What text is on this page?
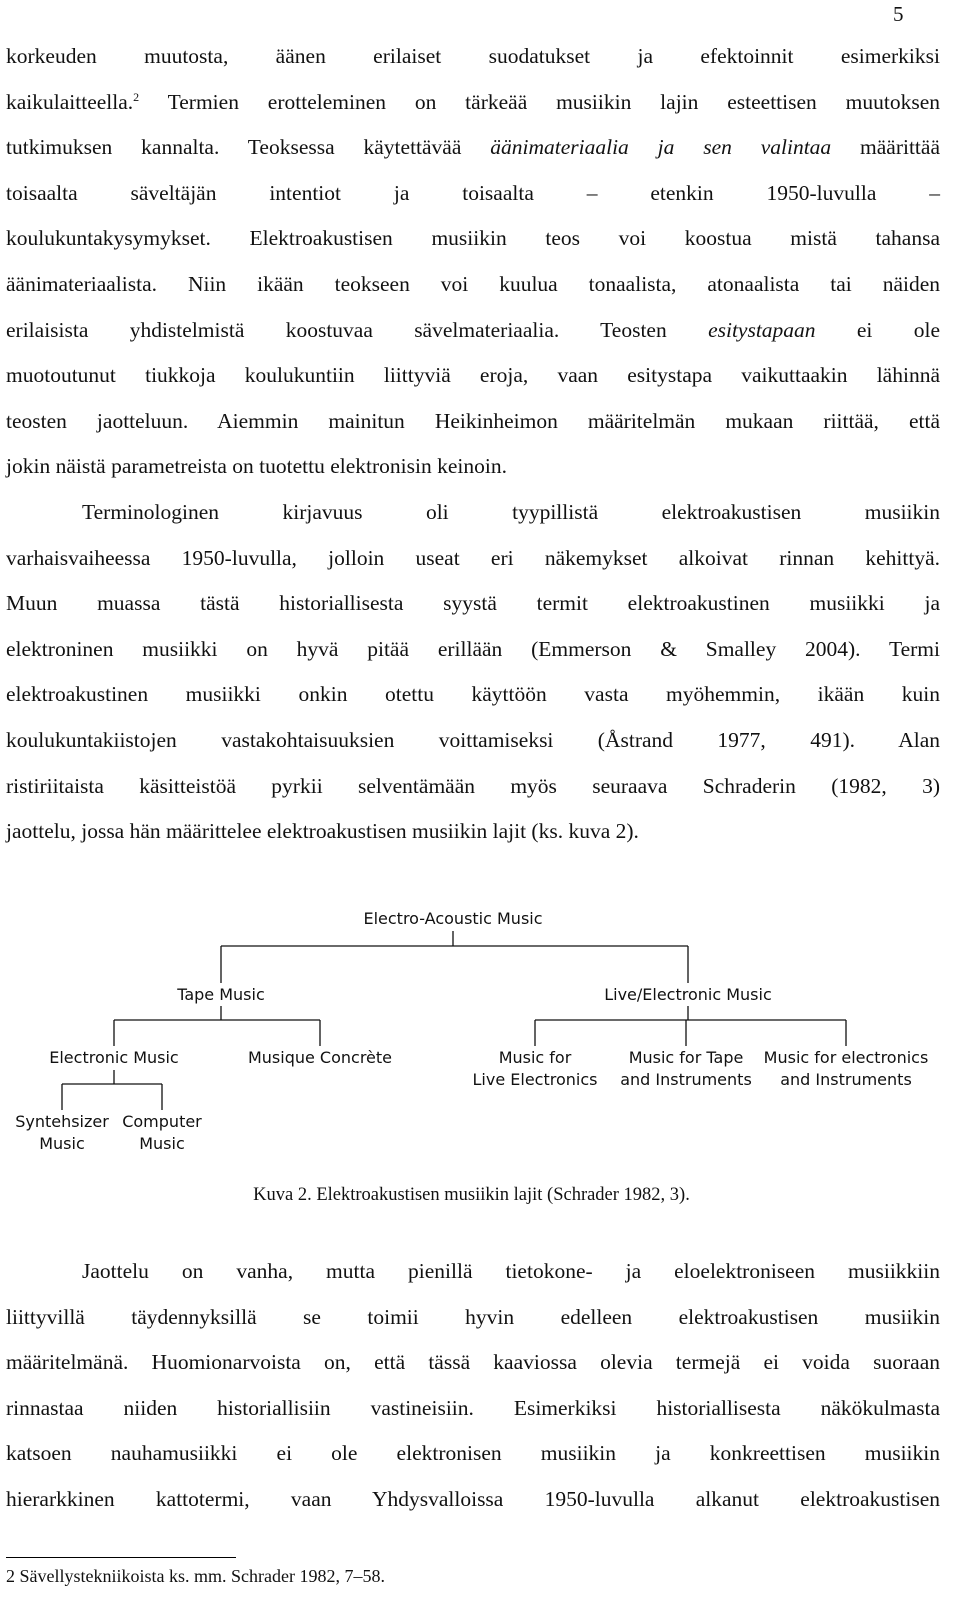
5

korkeuden muutosta, äänen erilaiset suodatukset ja efektoinnit esimerkiksi
kaikulaitteella.$^2$ Termien erotteleminen on tärkeää musiikin lajin esteettisen muutoksen
tutkimuksen kannalta. Teoksessa käytettävää äänimateriaalia ja sen valintaa määrittää
toisaalta säveltäjän intentiot ja toisaalta – etenkin 1950-luvulla –
koulukuntakysymykset. Elektroakustisen musiikin teos voi koostua mistä tahansa
äänimateriaalista. Niin ikään teokseen voi kuulua tonaalista, atonaalista tai näiden
erilaisista yhdistelmistä koostuvaa sävelmateriaalia. Teosten esitystapaan ei ole
muotoutunut tiukkoja koulukuntiin liittyviä eroja, vaan esitystapa vaikuttaakin lähinnä
teosten jaotteluun. Aiemmin mainitun Heikinheimon määritelmän mukaan riittää, että

jokin näistä parametreista on tuotettu elektronisin keinoin.

Terminologinen kirjavuus oli tyypillistä elektroakustisen musiikin
varhaisvaiheessa 1950-luvulla, jolloin useat eri näkemykset alkoivat rinnan kehittyä.
Muun muassa tästä historiallisesta syystä termit elektroakustinen musiikki ja
elektroninen musiikki on hyvä pitää erillään (Emmerson & Smalley 2004). Termi
elektroakustinen musiikki onkin otettu käyttöön vasta myöhemmin, ikään kuin
koulukuntakiistojen vastakohtaisuuksien voittamiseksi (Åstrand 1977, 491). Alan
ristiriitaista käsitteistöä pyrkii selventämään myös seuraava Schraderin (1982, 3)

jaottelu, jossa hän määrittelee elektroakustisen musiikin lajit (ks. kuva 2).

Electro-Acoustic Music
Tape Music	Live/Electronic Music
Electronic Music	Musique Concrète	Music for
Live Electronics
Music for Tape
and Instruments
Music for electronics
and Instruments
Syntehsizer
Music
Computer
Music
Kuva 2. Elektroakustisen musiikin lajit (Schrader 1982, 3).

Jaottelu on vanha, mutta pienillä tietokone- ja eloelektroniseen musiikkiin
liittyvillä täydennyksillä se toimii hyvin edelleen elektroakustisen musiikin
määritelmänä. Huomionarvoista on, että tässä kaaviossa olevia termejä ei voida suoraan
rinnastaa niiden historiallisiin vastineisiin. Esimerkiksi historiallisesta näkökulmasta
katsoen nauhamusiikki ei ole elektronisen musiikin ja konkreettisen musiikin
hierarkkinen kattotermi, vaan Yhdysvalloissa 1950-luvulla alkanut elektroakustisen

2 Sävellystekniikoista ks. mm. Schrader 1982, 7–58.
